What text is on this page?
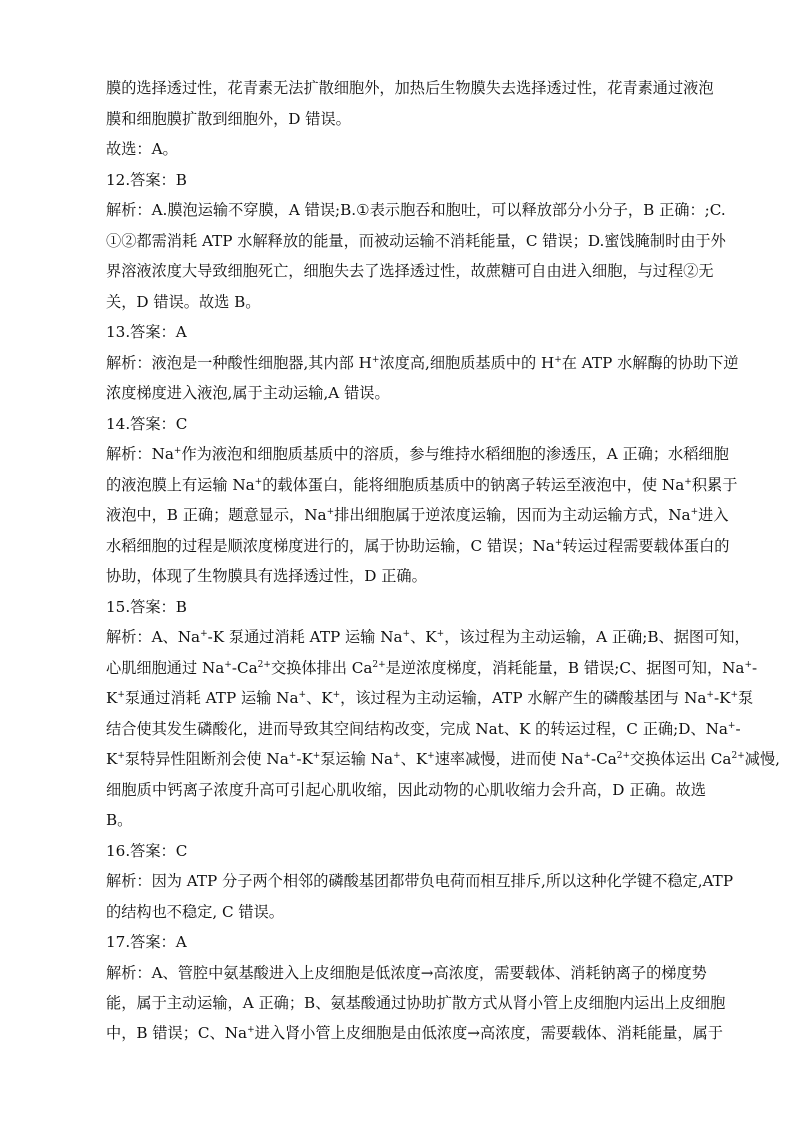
膜的选择透过性，花青素无法扩散细胞外，加热后生物膜失去选择透过性，花青素通过液泡
膜和细胞膜扩散到细胞外，D 错误。
故选：A。
12.答案：B
解析：A.膜泡运输不穿膜，A 错误;B.①表示胞吞和胞吐，可以释放部分小分子，B 正确：;C.
①②都需消耗 ATP 水解释放的能量，而被动运输不消耗能量，C 错误；D.蜜饯腌制时由于外
界溶液浓度大导致细胞死亡，细胞失去了选择透过性，故蔗糖可自由进入细胞，与过程②无
关，D 错误。故选 B。
13.答案：A
解析：液泡是一种酸性细胞器,其内部 H+浓度高,细胞质基质中的 H+在 ATP 水解酶的协助下逆
浓度梯度进入液泡,属于主动运输,A 错误。
14.答案：C
解析：Na+作为液泡和细胞质基质中的溶质，参与维持水稻细胞的渗透压，A 正确；水稻细胞
的液泡膜上有运输 Na+的载体蛋白，能将细胞质基质中的钠离子转运至液泡中，使 Na+积累于
液泡中，B 正确；题意显示，Na+排出细胞属于逆浓度运输，因而为主动运输方式，Na+进入
水稻细胞的过程是顺浓度梯度进行的，属于协助运输，C 错误；Na+转运过程需要载体蛋白的
协助，体现了生物膜具有选择透过性，D 正确。
15.答案：B
解析：A、Na+-K 泵通过消耗 ATP 运输 Na+、K+，该过程为主动运输，A 正确;B、据图可知，
心肌细胞通过 $Na^+-Ca^{2+}$交换体排出 $Ca^{2+}$是逆浓度梯度，消耗能量，B 错误;C、据图可知，Na+-
K+泵通过消耗 ATP 运输 Na+、K+，该过程为主动运输，ATP 水解产生的磷酸基团与 Na+-K+泵
结合使其发生磷酸化，进而导致其空间结构改变，完成 Nat、K 的转运过程，C 正确;D、Na+-
K+泵特异性阻断剂会使 Na+-K+泵运输 Na+、K+速率减慢，进而使 $Na^+-Ca^{2+}$交换体运出 $Ca^{2+}$减慢,
细胞质中钙离子浓度升高可引起心肌收缩，因此动物的心肌收缩力会升高，D 正确。故选
B。
16.答案：C
解析：因为 ATP 分子两个相邻的磷酸基团都带负电荷而相互排斥,所以这种化学键不稳定,ATP
的结构也不稳定, C 错误。
17.答案：A
解析：A、管腔中氨基酸进入上皮细胞是低浓度→高浓度，需要载体、消耗钠离子的梯度势
能，属于主动运输，A 正确；B、氨基酸通过协助扩散方式从肾小管上皮细胞内运出上皮细胞
中，B 错误；C、Na+进入肾小管上皮细胞是由低浓度→高浓度，需要载体、消耗能量，属于
